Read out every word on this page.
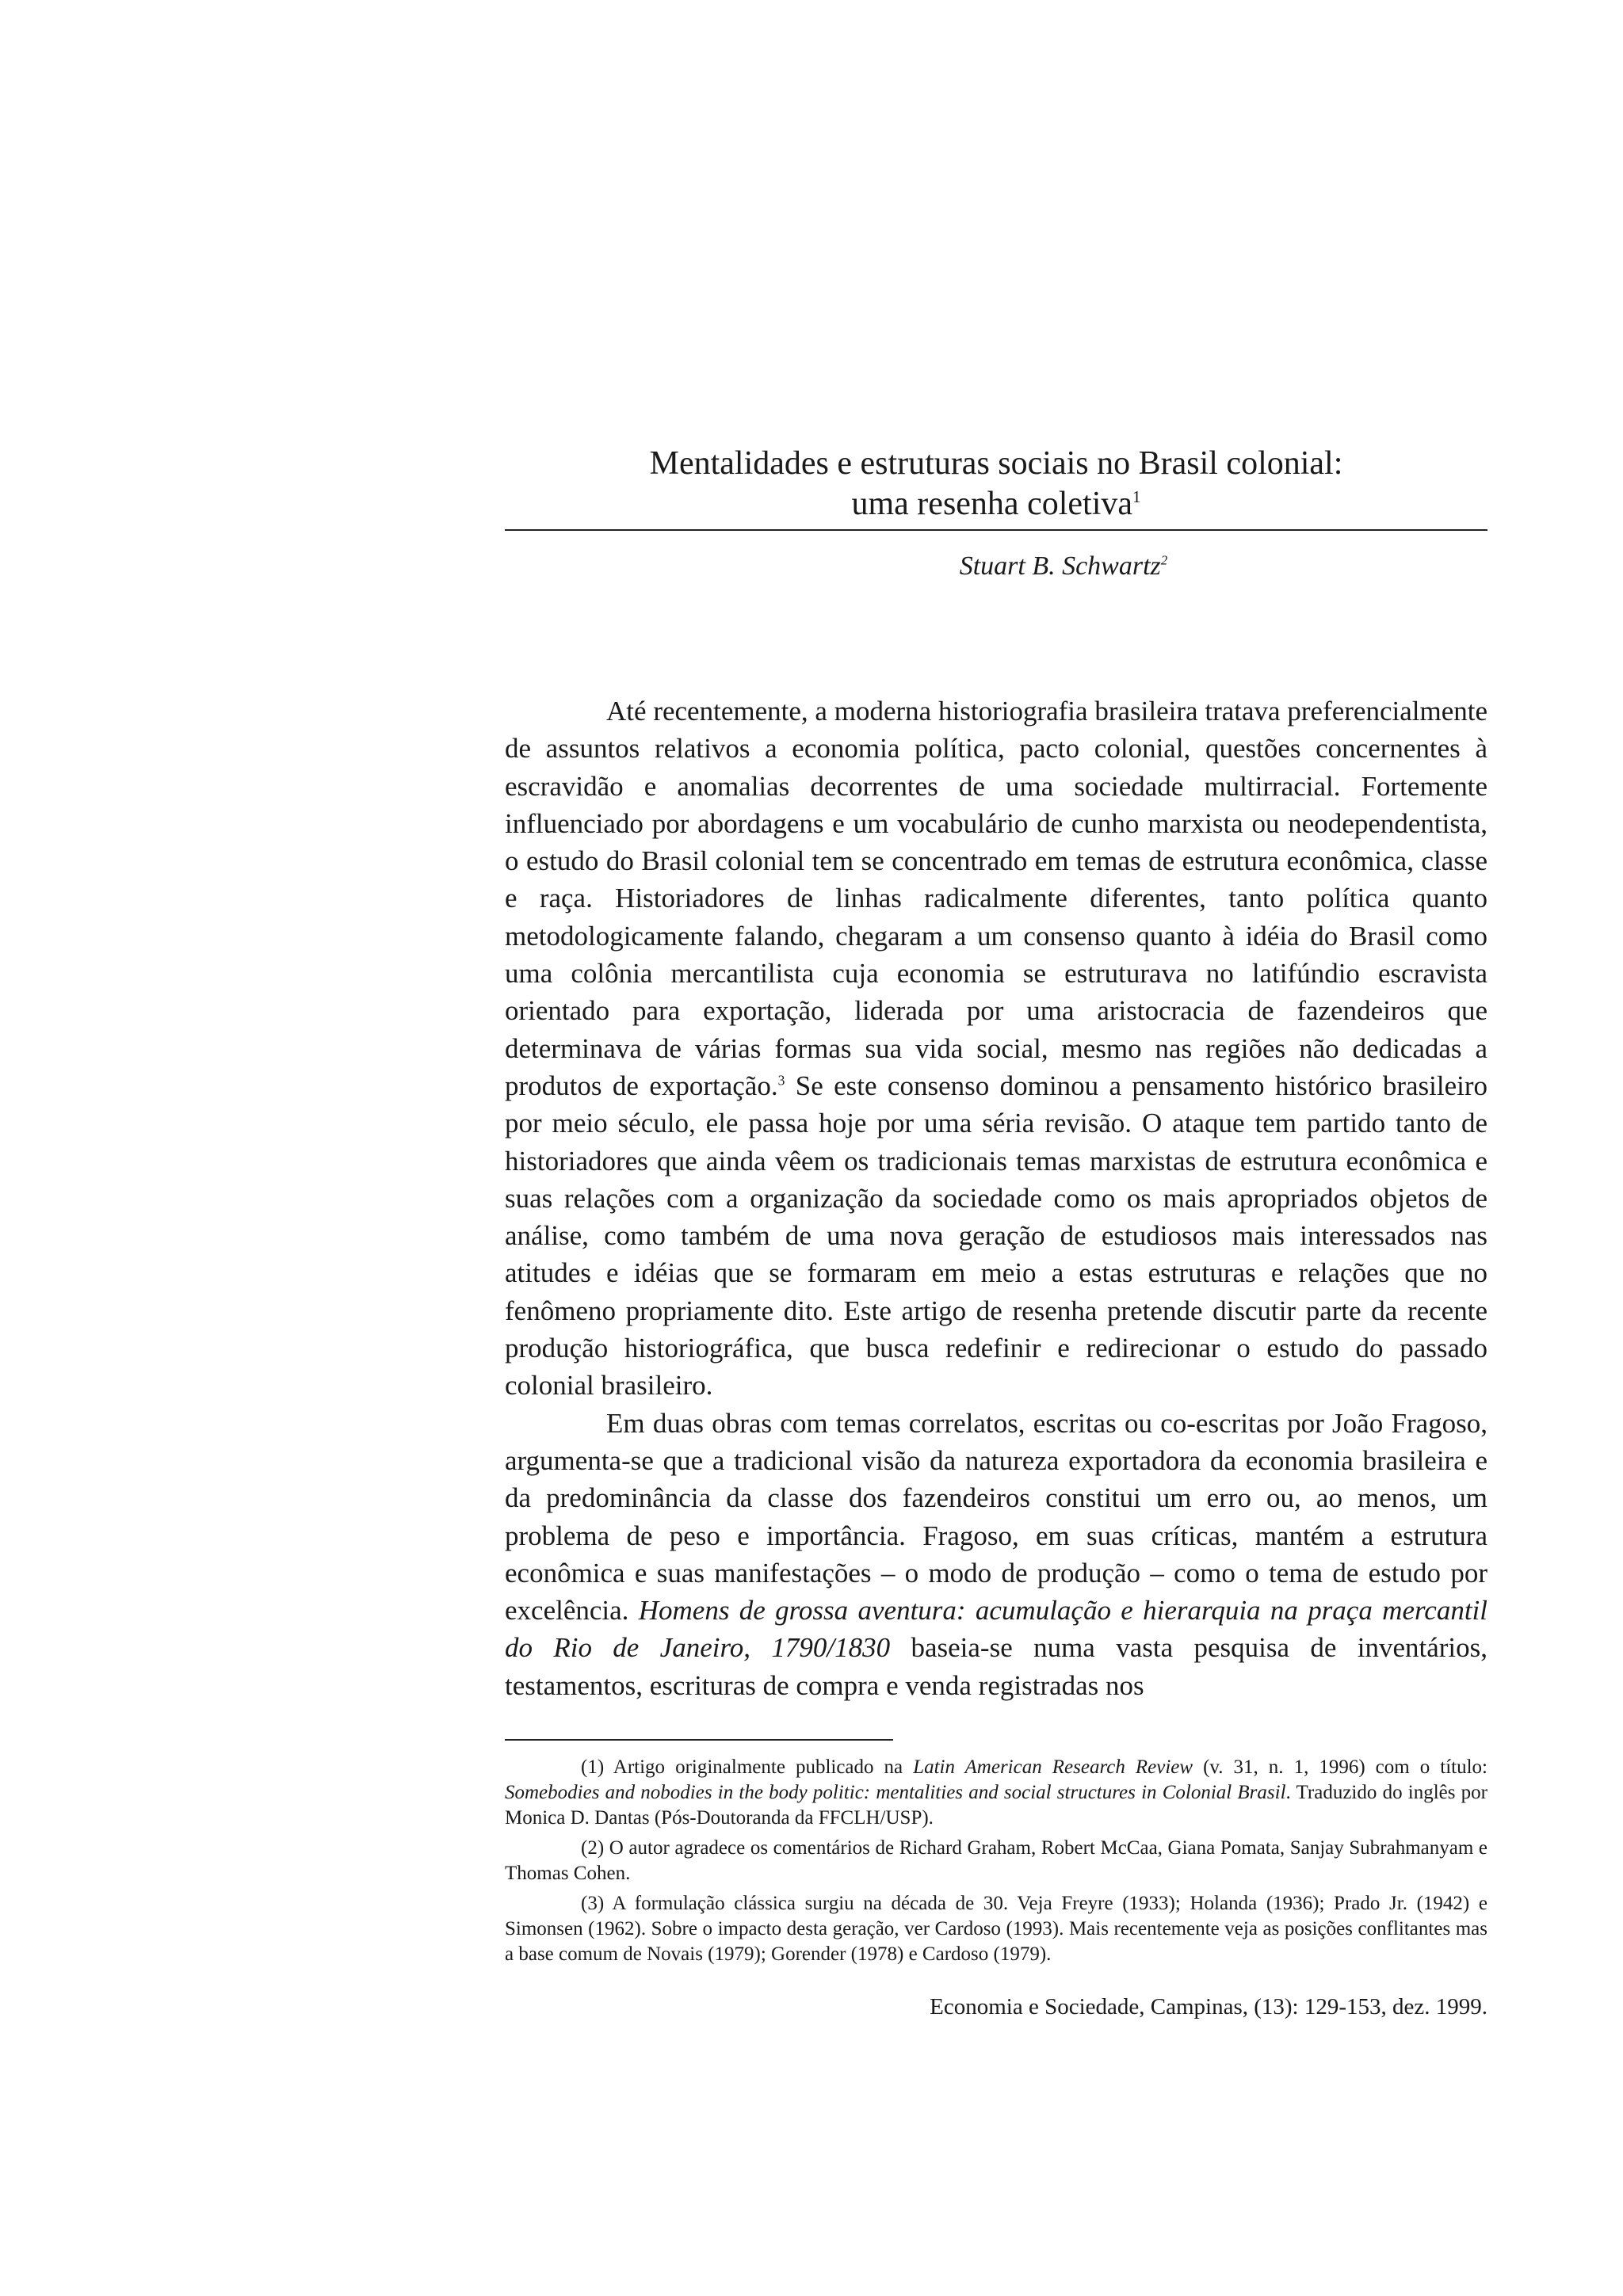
Mentalidades e estruturas sociais no Brasil colonial:
uma resenha coletiva$^1$
Stuart B. Schwartz$^2$

Até recentemente, a moderna historiografia brasileira tratava preferencialmente de assuntos relativos a economia política, pacto colonial, questões concernentes à escravidão e anomalias decorrentes de uma sociedade multirracial. Fortemente influenciado por abordagens e um vocabulário de cunho marxista ou neodependentista, o estudo do Brasil colonial tem se concentrado em temas de estrutura econômica, classe e raça. Historiadores de linhas radicalmente diferentes, tanto política quanto metodologicamente falando, chegaram a um consenso quanto à idéia do Brasil como uma colônia mercantilista cuja economia se estruturava no latifúndio escravista orientado para exportação, liderada por uma aristocracia de fazendeiros que determinava de várias formas sua vida social, mesmo nas regiões não dedicadas a produtos de exportação.$^3$ Se este consenso dominou a pensamento histórico brasileiro por meio século, ele passa hoje por uma séria revisão. O ataque tem partido tanto de historiadores que ainda vêem os tradicionais temas marxistas de estrutura econômica e suas relações com a organização da sociedade como os mais apropriados objetos de análise, como também de uma nova geração de estudiosos mais interessados nas atitudes e idéias que se formaram em meio a estas estruturas e relações que no fenômeno propriamente dito. Este artigo de resenha pretende discutir parte da recente produção historiográfica, que busca redefinir e redirecionar o estudo do passado colonial brasileiro.

Em duas obras com temas correlatos, escritas ou co-escritas por João Fragoso, argumenta-se que a tradicional visão da natureza exportadora da economia brasileira e da predominância da classe dos fazendeiros constitui um erro ou, ao menos, um problema de peso e importância. Fragoso, em suas críticas, mantém a estrutura econômica e suas manifestações – o modo de produção – como o tema de estudo por excelência. Homens de grossa aventura: acumulação e hierarquia na praça mercantil do Rio de Janeiro, 1790/1830 baseia-se numa vasta pesquisa de inventários, testamentos, escrituras de compra e venda registradas nos

(1) Artigo originalmente publicado na Latin American Research Review (v. 31, n. 1, 1996) com o título: Somebodies and nobodies in the body politic: mentalities and social structures in Colonial Brasil. Traduzido do inglês por Monica D. Dantas (Pós-Doutoranda da FFCLH/USP).

(2) O autor agradece os comentários de Richard Graham, Robert McCaa, Giana Pomata, Sanjay Subrahmanyam e Thomas Cohen.

(3) A formulação clássica surgiu na década de 30. Veja Freyre (1933); Holanda (1936); Prado Jr. (1942) e Simonsen (1962). Sobre o impacto desta geração, ver Cardoso (1993). Mais recentemente veja as posições conflitantes mas a base comum de Novais (1979); Gorender (1978) e Cardoso (1979).

Economia e Sociedade, Campinas, (13): 129-153, dez. 1999.
